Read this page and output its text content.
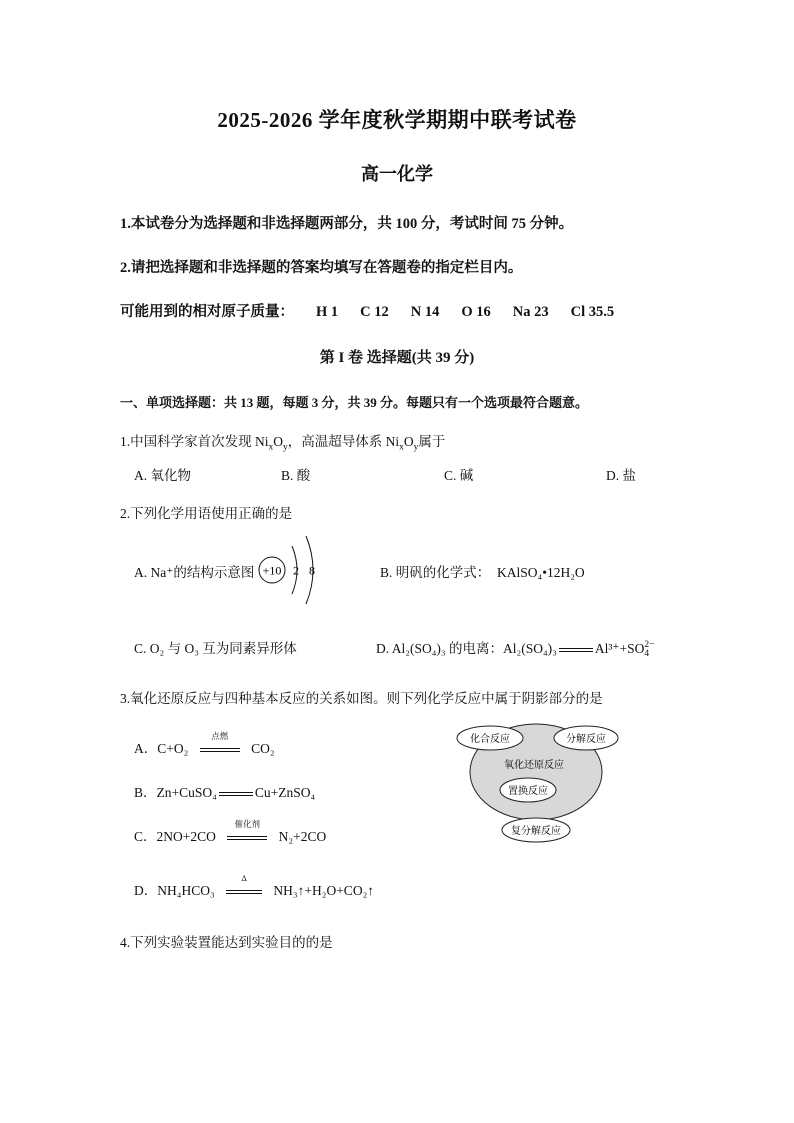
2025-2026 学年度秋学期期中联考试卷
高一化学
1.本试卷分为选择题和非选择题两部分，共 100 分，考试时间 75 分钟。
2.请把选择题和非选择题的答案均填写在答题卷的指定栏目内。
可能用到的相对原子质量： H 1 C 12 N 14 O 16 Na 23 Cl 35.5
第 I 卷 选择题(共 39 分)
一、单项选择题：共 13 题，每题 3 分，共 39 分。每题只有一个选项最符合题意。
1.中国科学家首次发现 $Ni_xO_y$，高温超导体系 $Ni_xO_y$属于
A. 氧化物	B. 酸	C. 碱	D. 盐
2.下列化学用语使用正确的是
A. Na⁺的结构示意图 +10 2 8	B. 明矾的化学式： KAlSO₄•12H₂O
C. O₂ 与 O₃ 互为同素异形体	D. Al₂(SO₄)₃ 的电离：Al₂(SO₄)₃	Al³⁺+SO 2−
4
3.氧化还原反应与四种基本反应的关系如图。则下列化学反应中属于阴影部分的是
A．C+O₂
点燃
CO₂
B．Zn+CuSO₄	Cu+ZnSO₄
C．2NO+2CO
催化剂
N₂+2CO
D．NH₄HCO₃
Δ
NH₃↑+H₂O+CO₂↑
化合反应	分解反应
氧化还原反应
置换反应
复分解反应
4.下列实验装置能达到实验目的的是
